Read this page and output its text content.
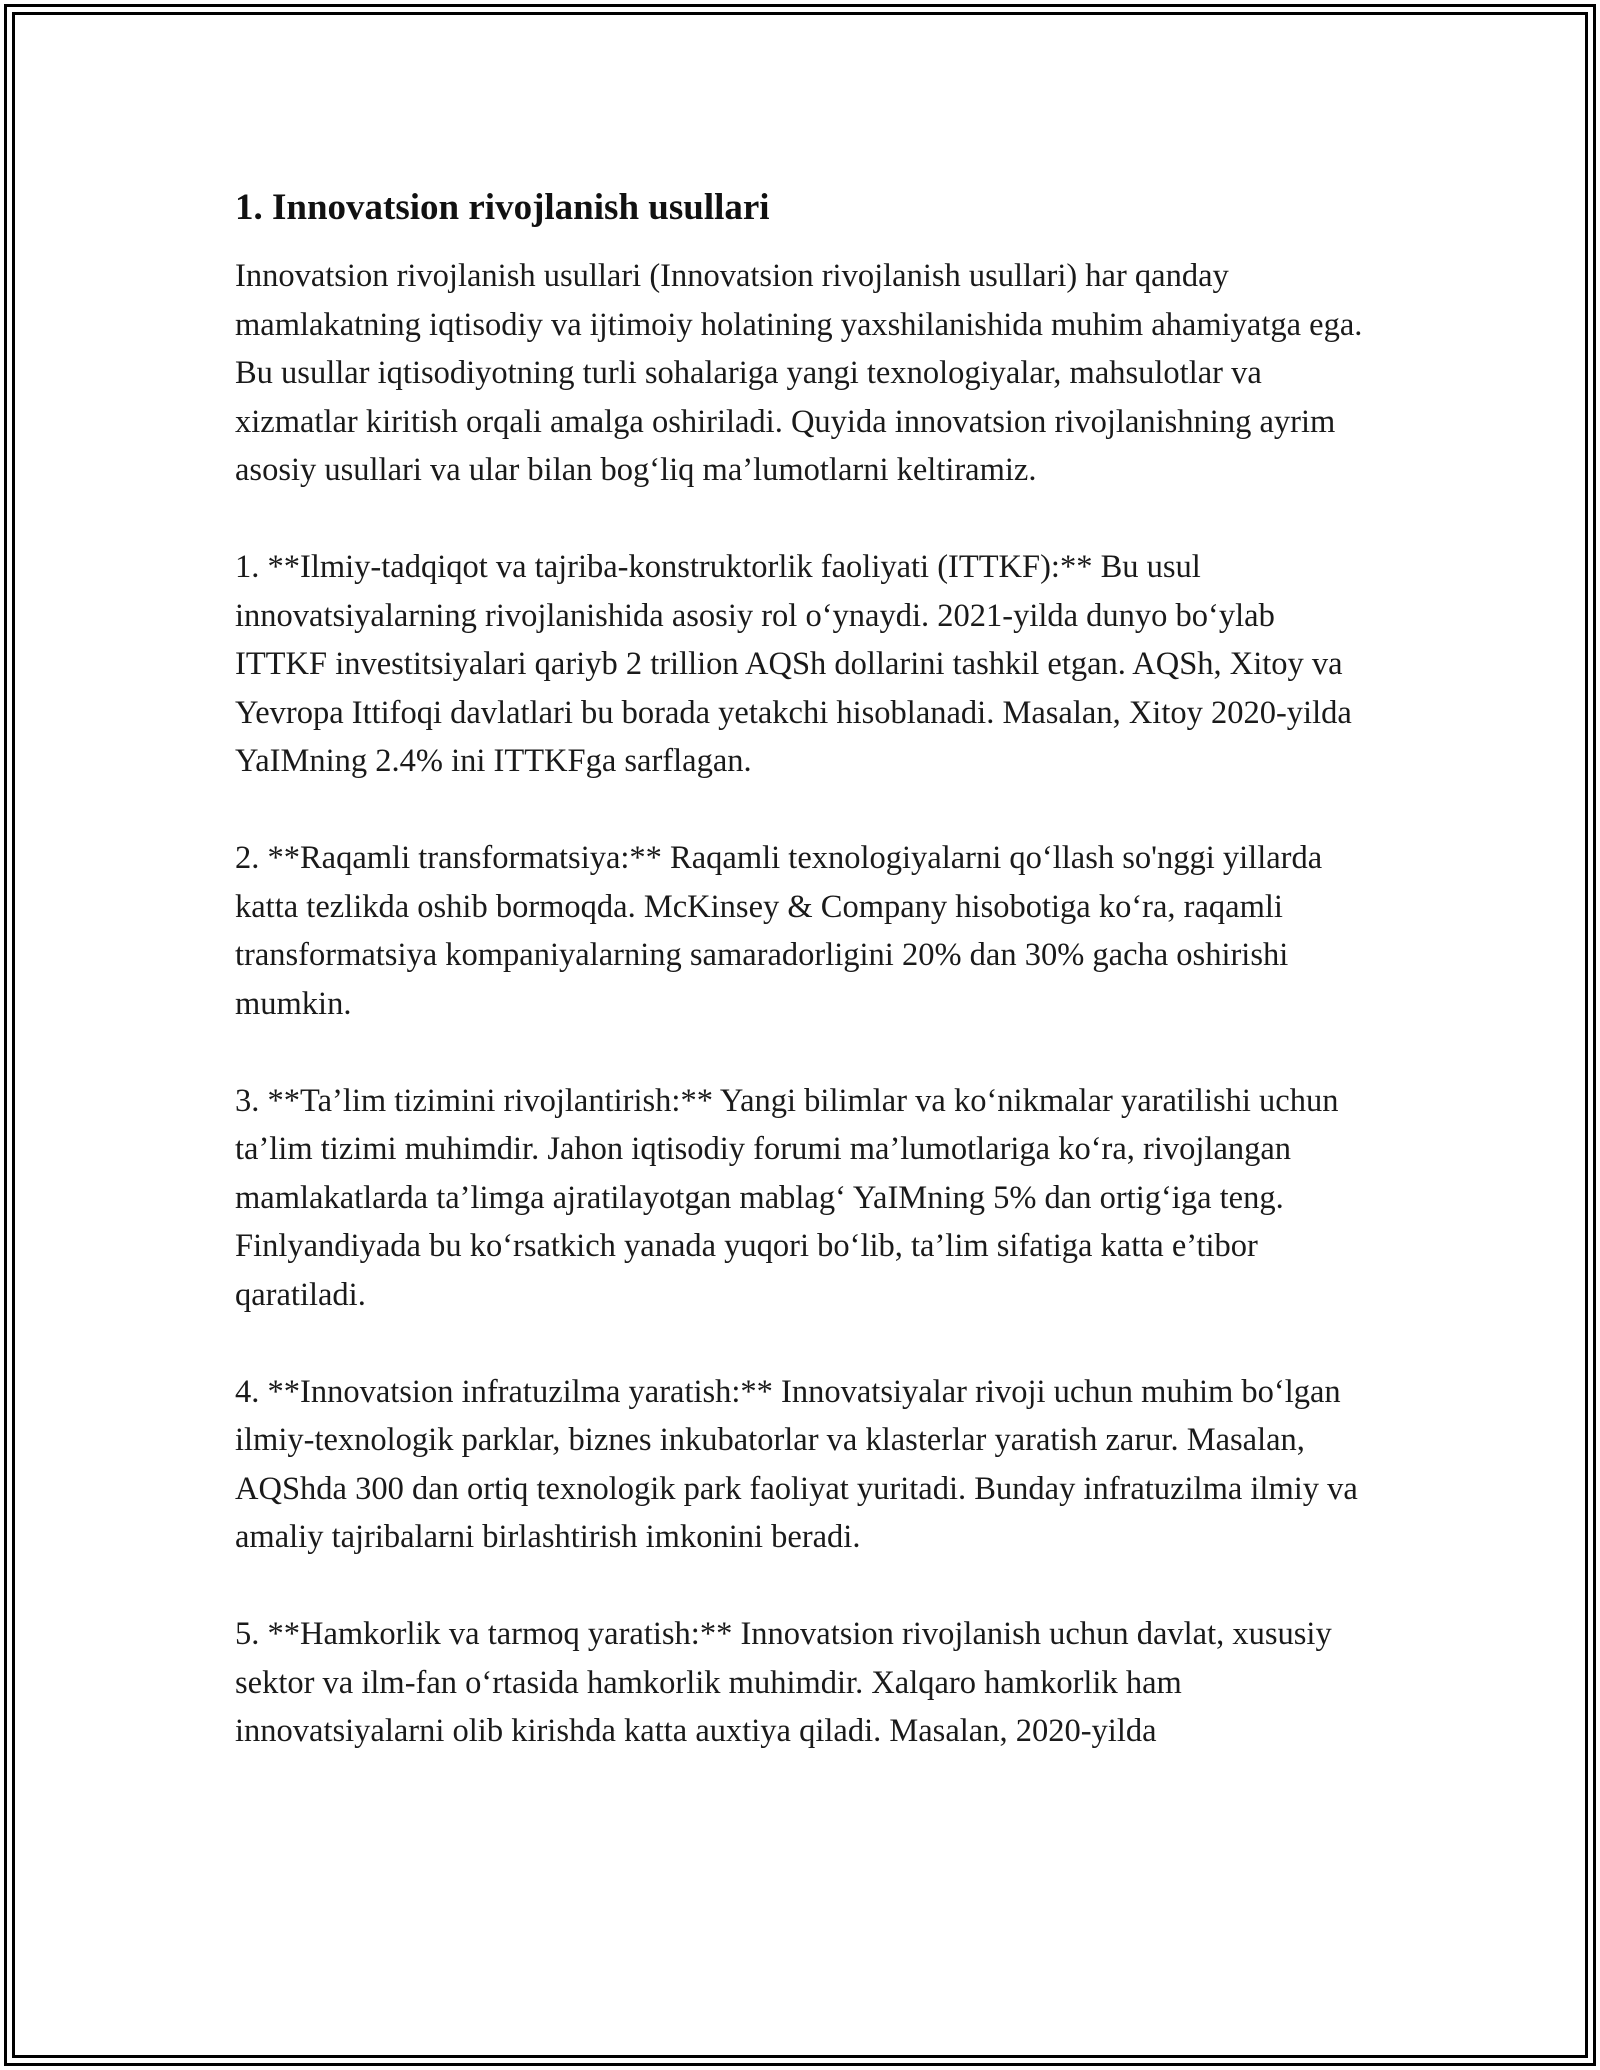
1. Innovatsion rivojlanish usullari

Innovatsion rivojlanish usullari (Innovatsion rivojlanish usullari) har qanday mamlakatning iqtisodiy va ijtimoiy holatining yaxshilanishida muhim ahamiyatga ega. Bu usullar iqtisodiyotning turli sohalariga yangi texnologiyalar, mahsulotlar va xizmatlar kiritish orqali amalga oshiriladi. Quyida innovatsion rivojlanishning ayrim asosiy usullari va ular bilan bog‘liq ma’lumotlarni keltiramiz.

1. **Ilmiy-tadqiqot va tajriba-konstruktorlik faoliyati (ITTKF):** Bu usul innovatsiyalarning rivojlanishida asosiy rol o‘ynaydi. 2021-yilda dunyo bo‘ylab ITTKF investitsiyalari qariyb 2 trillion AQSh dollarini tashkil etgan. AQSh, Xitoy va Yevropa Ittifoqi davlatlari bu borada yetakchi hisoblanadi. Masalan, Xitoy 2020-yilda YaIMning 2.4% ini ITTKFga sarflagan.

2. **Raqamli transformatsiya:** Raqamli texnologiyalarni qo‘llash so'nggi yillarda katta tezlikda oshib bormoqda. McKinsey & Company hisobotiga ko‘ra, raqamli transformatsiya kompaniyalarning samaradorligini 20% dan 30% gacha oshirishi mumkin.

3. **Ta’lim tizimini rivojlantirish:** Yangi bilimlar va ko‘nikmalar yaratilishi uchun ta’lim tizimi muhimdir. Jahon iqtisodiy forumi ma’lumotlariga ko‘ra, rivojlangan mamlakatlarda ta’limga ajratilayotgan mablag‘ YaIMning 5% dan ortig‘iga teng. Finlyandiyada bu ko‘rsatkich yanada yuqori bo‘lib, ta’lim sifatiga katta e’tibor qaratiladi.

4. **Innovatsion infratuzilma yaratish:** Innovatsiyalar rivoji uchun muhim bo‘lgan ilmiy-texnologik parklar, biznes inkubatorlar va klasterlar yaratish zarur. Masalan, AQShda 300 dan ortiq texnologik park faoliyat yuritadi. Bunday infratuzilma ilmiy va amaliy tajribalarni birlashtirish imkonini beradi.

5. **Hamkorlik va tarmoq yaratish:** Innovatsion rivojlanish uchun davlat, xususiy sektor va ilm-fan o‘rtasida hamkorlik muhimdir. Xalqaro hamkorlik ham innovatsiyalarni olib kirishda katta auxtiya qiladi. Masalan, 2020-yilda
